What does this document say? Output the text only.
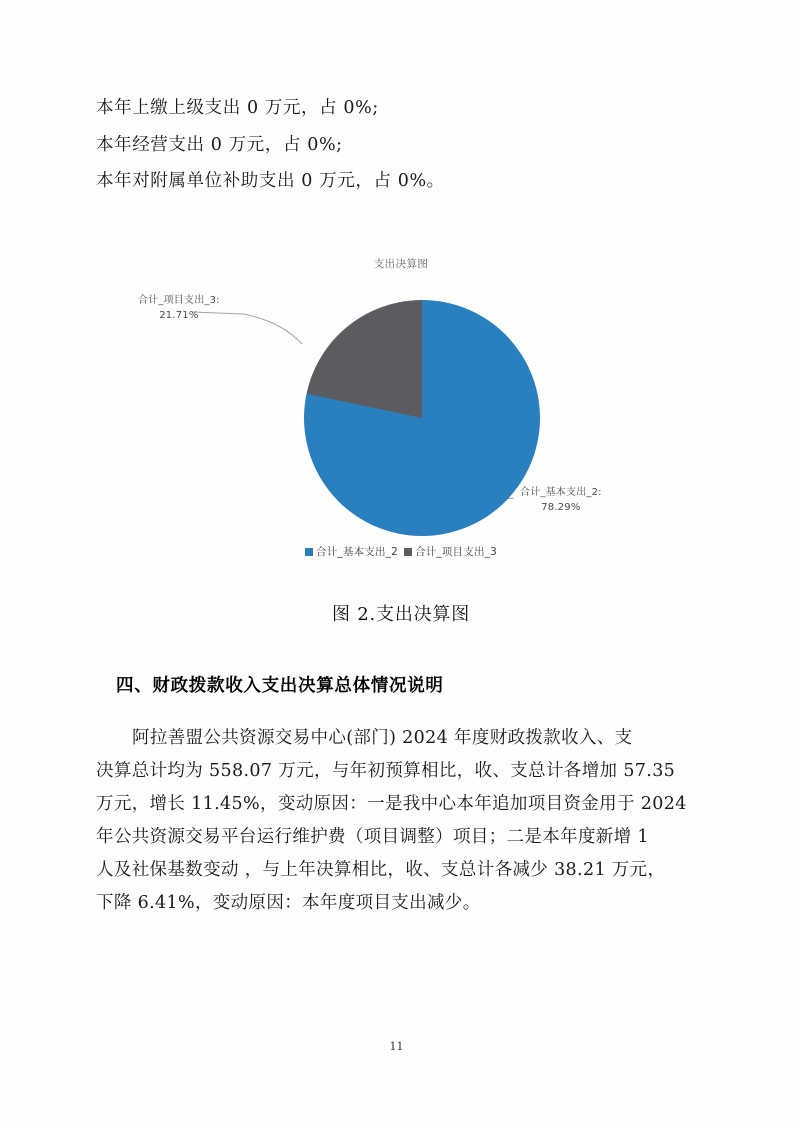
本年上缴上级支出 0 万元，占 0%;
本年经营支出 0 万元，占 0%;
本年对附属单位补助支出 0 万元，占 0%。
支出决算图
合计_项目支出_3:
21.71%
合计_基本支出_2:
78.29%
合计_基本支出_2 合计_项目支出_3
图 2.支出决算图
四、财政拨款收入支出决算总体情况说明
阿拉善盟公共资源交易中心(部门) 2024 年度财政拨款收入、支
决算总计均为 558.07 万元，与年初预算相比，收、支总计各增加 57.35
万元，增长 11.45%，变动原因：一是我中心本年追加项目资金用于 2024
年公共资源交易平台运行维护费（项目调整）项目；二是本年度新增 1
人及社保基数变动 ，与上年决算相比，收、支总计各减少 38.21 万元，
下降 6.41%，变动原因：本年度项目支出减少。
11
